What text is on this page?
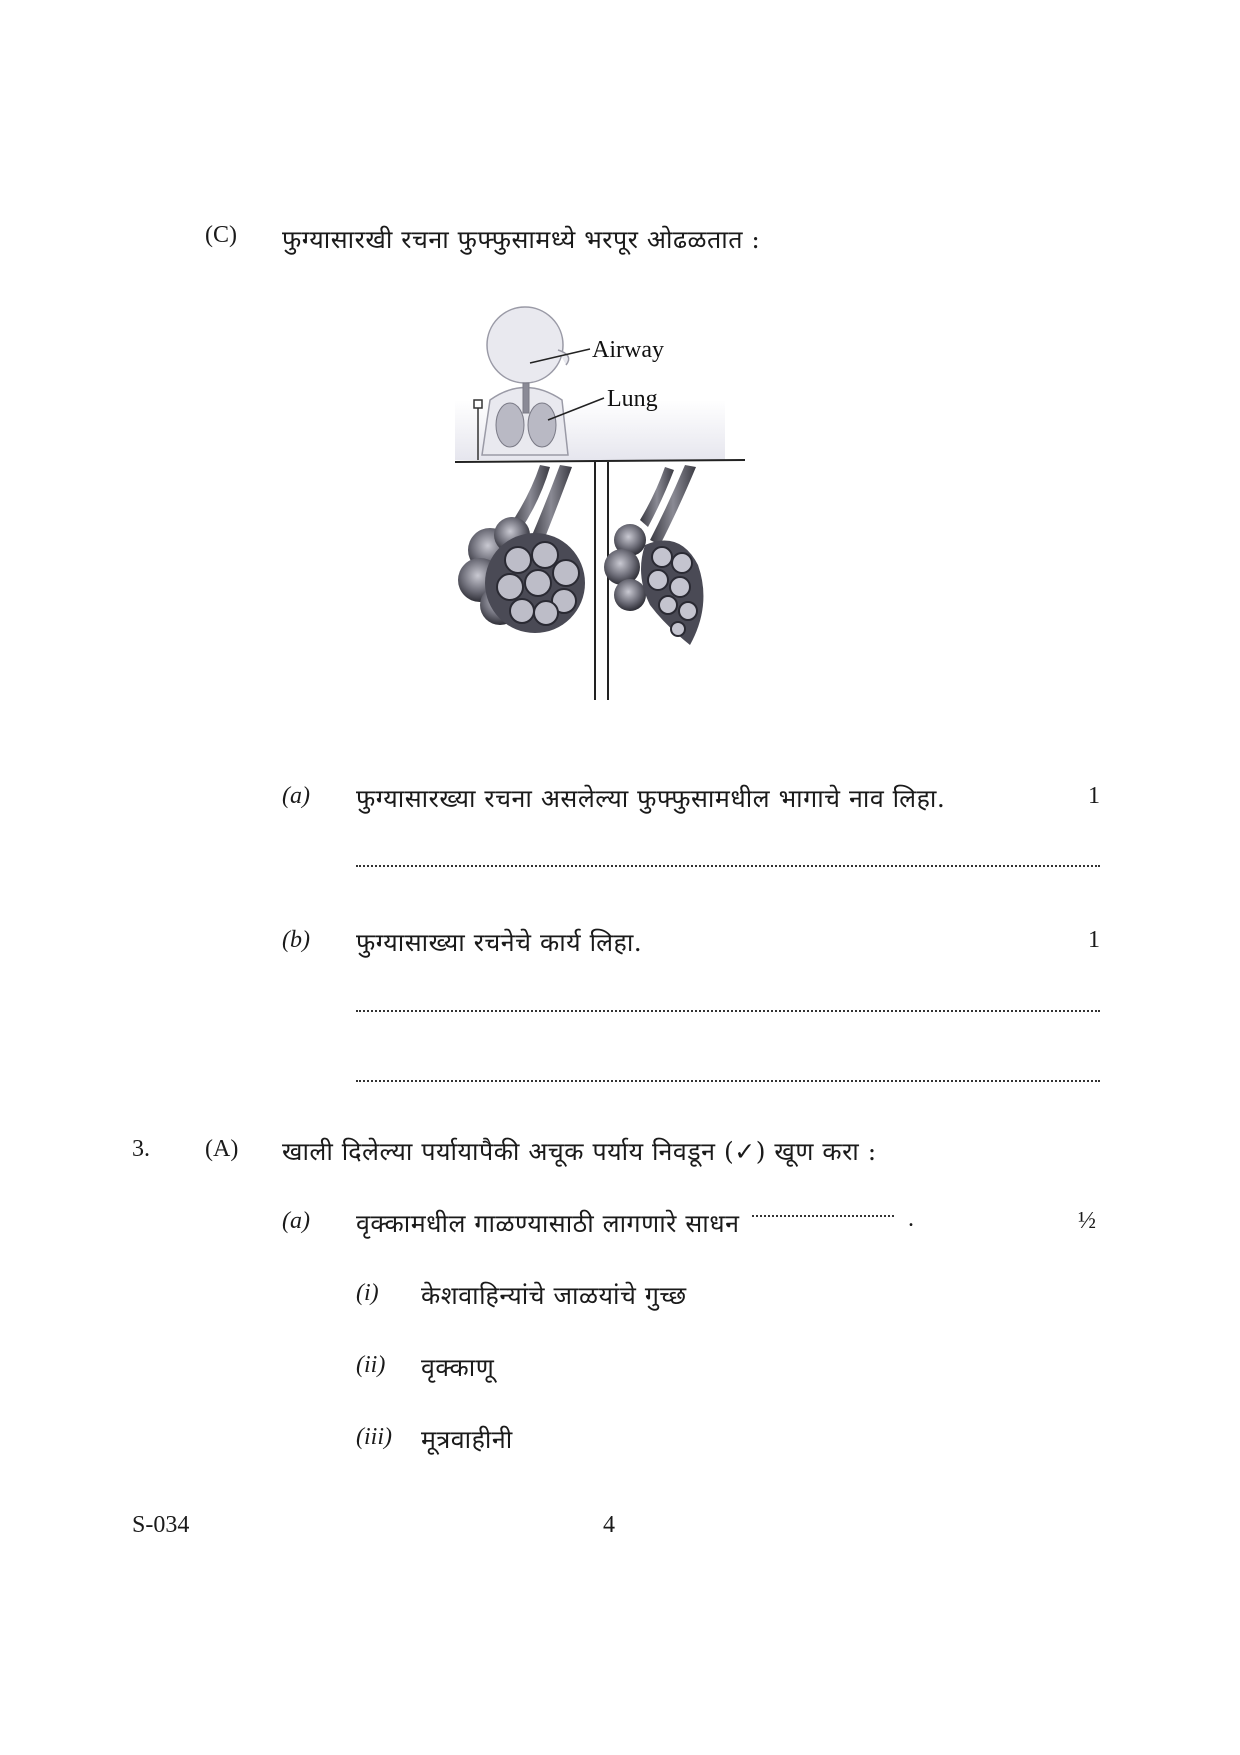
(C) फुग्यासारखी रचना फुफ्फुसामध्ये भरपूर ओढळतात :
Airway
Lung
(a) फुग्यासारख्या रचना असलेल्या फुफ्फुसामधील भागाचे नाव लिहा.	1
(b) फुग्यासाख्या रचनेचे कार्य लिहा.	1
3. (A) खाली दिलेल्या पर्यायापैकी अचूक पर्याय निवडून (✓) खूण करा :
(a) वृक्कामधील गाळण्यासाठी लागणारे साधन	.	½
(i) केशवाहिन्यांचे जाळयांचे गुच्छ
(ii) वृक्काणू
(iii) मूत्रवाहीनी
S-034	4
